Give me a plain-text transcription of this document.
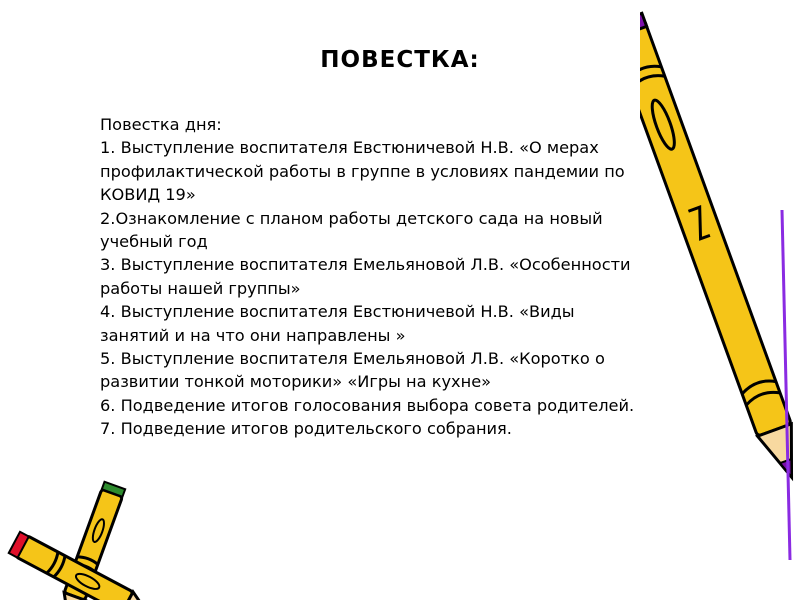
ПОВЕСТКА:
Повестка дня:
1. Выступление воспитателя Евстюничевой Н.В. «О мерах
профилактической работы в группе в условиях пандемии по
КОВИД 19»
2.Ознакомление с планом работы детского сада на новый
учебный год
3. Выступление воспитателя Емельяновой Л.В. «Особенности
работы нашей группы»
4. Выступление воспитателя Евстюничевой Н.В. «Виды
занятий и на что они направлены »
5. Выступление воспитателя Емельяновой Л.В. «Коротко о
развитии тонкой моторики» «Игры на кухне»
6. Подведение итогов голосования выбора совета родителей.
7. Подведение итогов родительского собрания.
